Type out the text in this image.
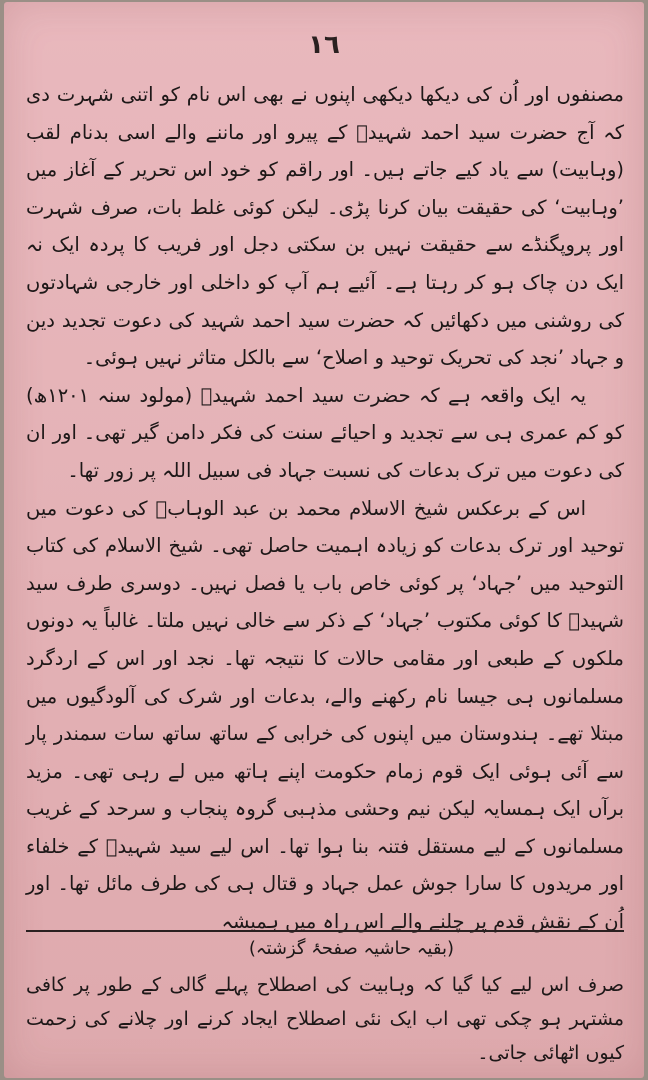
١٦

مصنفوں اور اُن کی دیکھا دیکھی اپنوں نے بھی اس نام کو اتنی شہرت دی کہ آج حضرت سید احمد شہیدؒ کے پیرو اور ماننے والے اسی بدنام لقب (وہابیت) سے یاد کیے جاتے ہیں۔ اور راقم کو خود اس تحریر کے آغاز میں ’وہابیت‘ کی حقیقت بیان کرنا پڑی۔ لیکن کوئی غلط بات، صرف شہرت اور پروپگنڈے سے حقیقت نہیں بن سکتی دجل اور فریب کا پردہ ایک نہ ایک دن چاک ہو کر رہتا ہے۔ آئیے ہم آپ کو داخلی اور خارجی شہادتوں کی روشنی میں دکھائیں کہ حضرت سید احمد شہید کی دعوت تجدید دین و جہاد ’نجد کی تحریک توحید و اصلاح‘ سے بالکل متاثر نہیں ہوئی۔

یہ ایک واقعہ ہے کہ حضرت سید احمد شہیدؒ (مولود سنہ ۱۲۰۱ھ) کو کم عمری ہی سے تجدید و احیائے سنت کی فکر دامن گیر تھی۔ اور ان کی دعوت میں ترک بدعات کی نسبت جہاد فی سبیل اللہ پر زور تھا۔

اس کے برعکس شیخ الاسلام محمد بن عبد الوہابؒ کی دعوت میں توحید اور ترک بدعات کو زیادہ اہمیت حاصل تھی۔ شیخ الاسلام کی کتاب التوحید میں ’جہاد‘ پر کوئی خاص باب یا فصل نہیں۔ دوسری طرف سید شہیدؒ کا کوئی مکتوب ’جہاد‘ کے ذکر سے خالی نہیں ملتا۔ غالباً یہ دونوں ملکوں کے طبعی اور مقامی حالات کا نتیجہ تھا۔ نجد اور اس کے اردگرد مسلمانوں ہی جیسا نام رکھنے والے، بدعات اور شرک کی آلودگیوں میں مبتلا تھے۔ ہندوستان میں اپنوں کی خرابی کے ساتھ ساتھ سات سمندر پار سے آئی ہوئی ایک قوم زمام حکومت اپنے ہاتھ میں لے رہی تھی۔ مزید برآں ایک ہمسایہ لیکن نیم وحشی مذہبی گروہ پنجاب و سرحد کے غریب مسلمانوں کے لیے مستقل فتنہ بنا ہوا تھا۔ اس لیے سید شہیدؒ کے خلفاء اور مریدوں کا سارا جوش عمل جہاد و قتال ہی کی طرف مائل تھا۔ اور اُن کے نقش قدم پر چلنے والے اس راہ میں ہمیشہ

(بقیہ حاشیہ صفحۂ گزشتہ)

صرف اس لیے کیا گیا کہ وہابیت کی اصطلاح پہلے گالی کے طور پر کافی مشتہر ہو چکی تھی اب ایک نئی اصطلاح ایجاد کرنے اور چلانے کی زحمت کیوں اٹھائی جاتی۔
